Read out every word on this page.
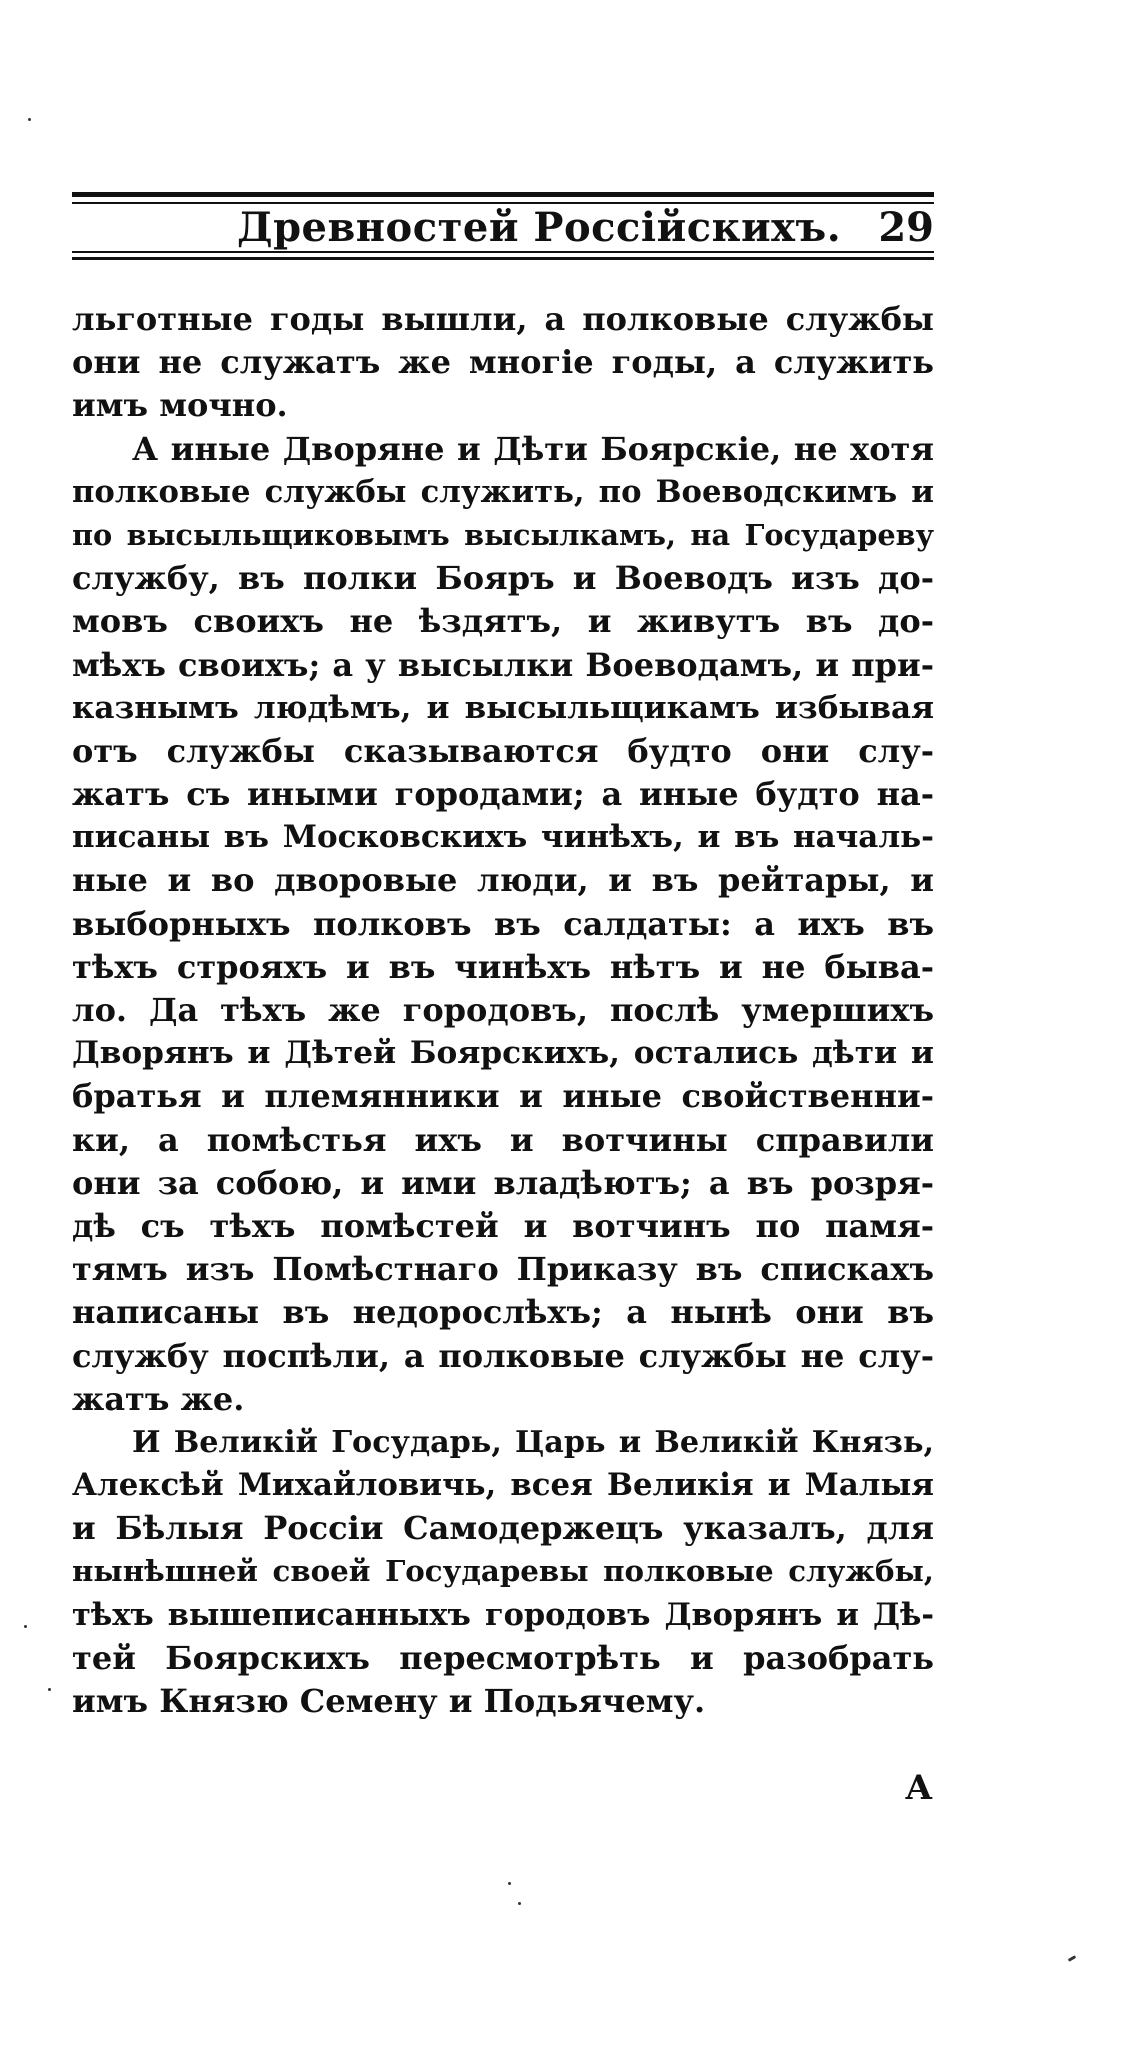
Древностей Россійскихъ. 29
льготные годы вышли, а полковые службы
они не служатъ же многіе годы, а служить
имъ мочно.
А иные Дворяне и Дѣти Боярскіе, не хотя
полковые службы служить, по Воеводскимъ и
по высыльщиковымъ высылкамъ, на Государеву
службу, въ полки Бояръ и Воеводъ изъ до-
мовъ своихъ не ѣздятъ, и живутъ въ до-
мѣхъ своихъ; а у высылки Воеводамъ, и при-
казнымъ людѣмъ, и высыльщикамъ избывая
отъ службы сказываются будто они слу-
жатъ съ иными городами; а иные будто на-
писаны въ Московскихъ чинѣхъ, и въ началь-
ные и во дворовые люди, и въ рейтары, и
выборныхъ полковъ въ салдаты: а ихъ въ
тѣхъ строяхъ и въ чинѣхъ нѣтъ и не быва-
ло. Да тѣхъ же городовъ, послѣ умершихъ
Дворянъ и Дѣтей Боярскихъ, остались дѣти и
братья и племянники и иные свойственни-
ки, а помѣстья ихъ и вотчины справили
они за собою, и ими владѣютъ; а въ розря-
дѣ съ тѣхъ помѣстей и вотчинъ по памя-
тямъ изъ Помѣстнаго Приказу въ спискахъ
написаны въ недорослѣхъ; а нынѣ они въ
службу поспѣли, а полковые службы не слу-
жатъ же.
И Великій Государь, Царь и Великій Князь,
Алексѣй Михайловичь, всея Великія и Малыя
и Бѣлыя Россіи Самодержецъ указалъ, для
нынѣшней своей Государевы полковые службы,
тѣхъ вышеписанныхъ городовъ Дворянъ и Дѣ-
тей Боярскихъ пересмотрѣть и разобрать
имъ Князю Семену и Подьячему.
А
